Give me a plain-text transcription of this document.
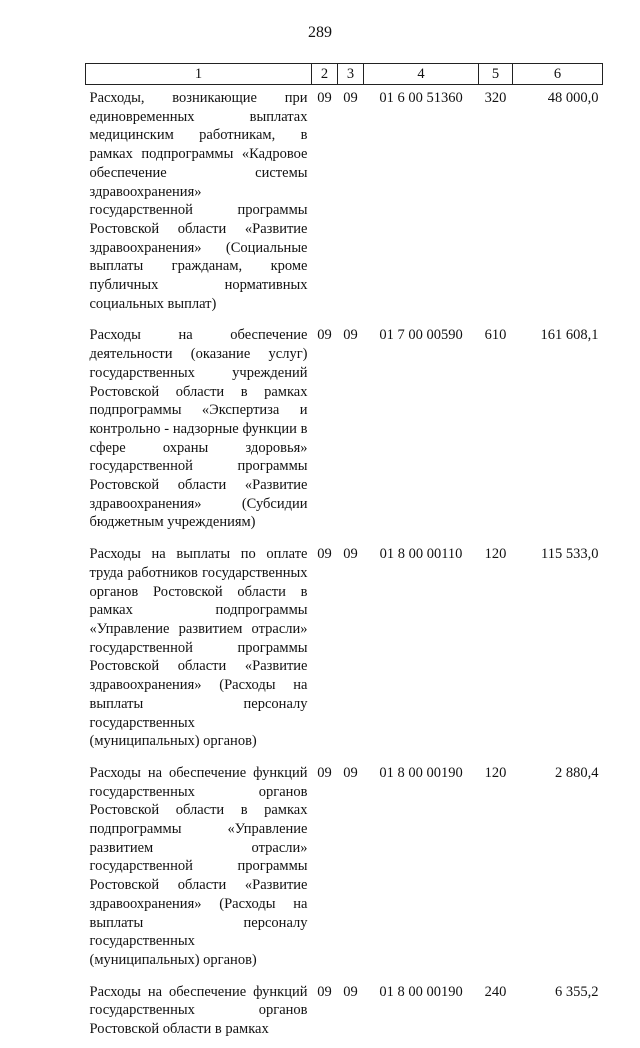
289
1	2	3	4	5	6
Расходы, возникающие при единовременных выплатах медицинским работникам, в рамках подпрограммы «Кадровое обеспечение системы здравоохранения» государственной программы Ростовской области «Развитие здравоохранения» (Социальные выплаты гражданам, кроме публичных нормативных социальных выплат)	09	09	01 6 00 51360	320	48 000,0
Расходы на обеспечение деятельности (оказание услуг) государственных учреждений Ростовской области в рамках подпрограммы «Экспертиза и контрольно - надзорные функции в сфере охраны здоровья» государственной программы Ростовской области «Развитие здравоохранения» (Субсидии бюджетным учреждениям)	09	09	01 7 00 00590	610	161 608,1
Расходы на выплаты по оплате труда работников государственных органов Ростовской области в рамках подпрограммы «Управление развитием отрасли» государственной программы Ростовской области «Развитие здравоохранения» (Расходы на выплаты персоналу государственных (муниципальных) органов)	09	09	01 8 00 00110	120	115 533,0
Расходы на обеспечение функций государственных органов Ростовской области в рамках подпрограммы «Управление развитием отрасли» государственной программы Ростовской области «Развитие здравоохранения» (Расходы на выплаты персоналу государственных (муниципальных) органов)	09	09	01 8 00 00190	120	2 880,4
Расходы на обеспечение функций государственных органов Ростовской области в рамках	09	09	01 8 00 00190	240	6 355,2
